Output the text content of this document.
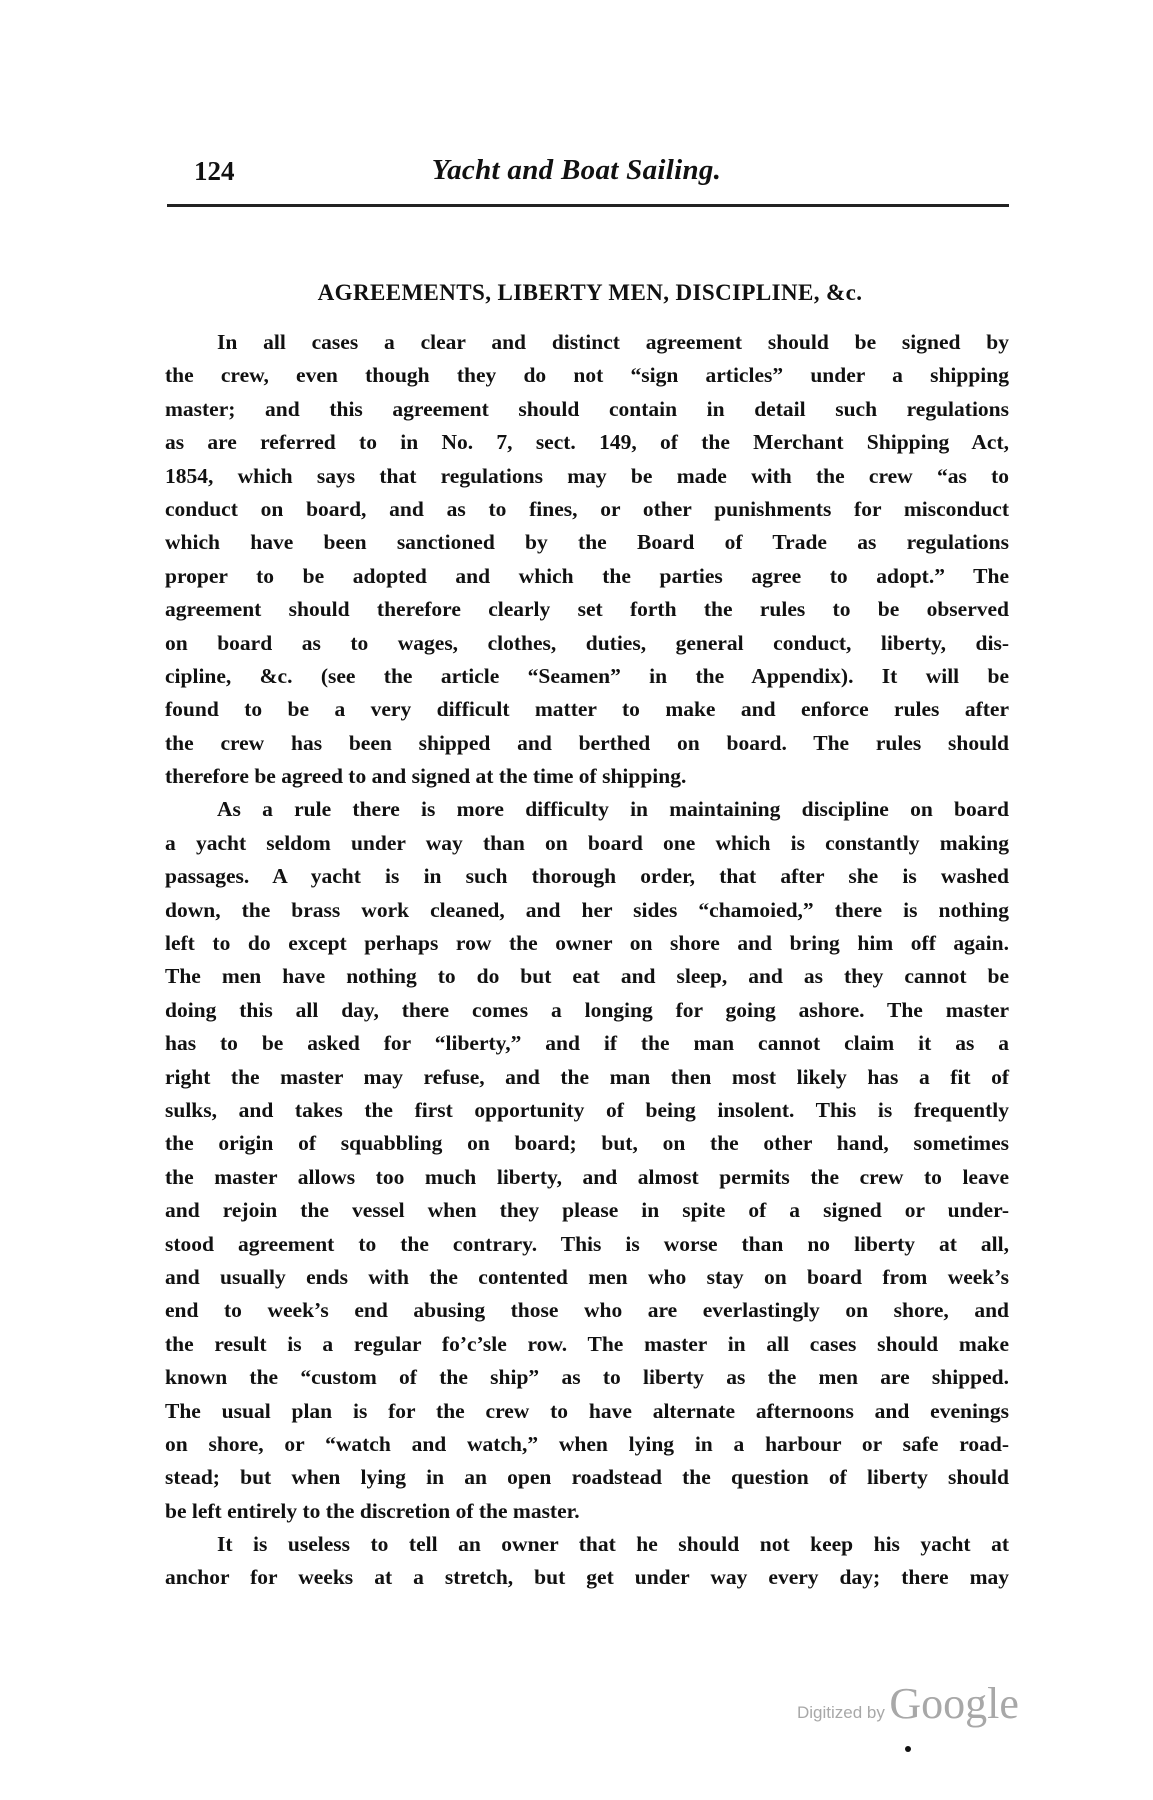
124	Yacht and Boat Sailing.
AGREEMENTS, LIBERTY MEN, DISCIPLINE, &c.
In all cases a clear and distinct agreement should be signed by
the crew, even though they do not “sign articles” under a shipping
master; and this agreement should contain in detail such regulations
as are referred to in No. 7, sect. 149, of the Merchant Shipping Act,
1854, which says that regulations may be made with the crew “as to
conduct on board, and as to fines, or other punishments for misconduct
which have been sanctioned by the Board of Trade as regulations
proper to be adopted and which the parties agree to adopt.” The
agreement should therefore clearly set forth the rules to be observed
on board as to wages, clothes, duties, general conduct, liberty, dis-
cipline, &c. (see the article “Seamen” in the Appendix). It will be
found to be a very difficult matter to make and enforce rules after
the crew has been shipped and berthed on board. The rules should
therefore be agreed to and signed at the time of shipping.
As a rule there is more difficulty in maintaining discipline on board
a yacht seldom under way than on board one which is constantly making
passages. A yacht is in such thorough order, that after she is washed
down, the brass work cleaned, and her sides “chamoied,” there is nothing
left to do except perhaps row the owner on shore and bring him off again.
The men have nothing to do but eat and sleep, and as they cannot be
doing this all day, there comes a longing for going ashore. The master
has to be asked for “liberty,” and if the man cannot claim it as a
right the master may refuse, and the man then most likely has a fit of
sulks, and takes the first opportunity of being insolent. This is frequently
the origin of squabbling on board; but, on the other hand, sometimes
the master allows too much liberty, and almost permits the crew to leave
and rejoin the vessel when they please in spite of a signed or under-
stood agreement to the contrary. This is worse than no liberty at all,
and usually ends with the contented men who stay on board from week’s
end to week’s end abusing those who are everlastingly on shore, and
the result is a regular fo’c’sle row. The master in all cases should make
known the “custom of the ship” as to liberty as the men are shipped.
The usual plan is for the crew to have alternate afternoons and evenings
on shore, or “watch and watch,” when lying in a harbour or safe road-
stead; but when lying in an open roadstead the question of liberty should
be left entirely to the discretion of the master.
It is useless to tell an owner that he should not keep his yacht at
anchor for weeks at a stretch, but get under way every day; there may
Digitized by Google
